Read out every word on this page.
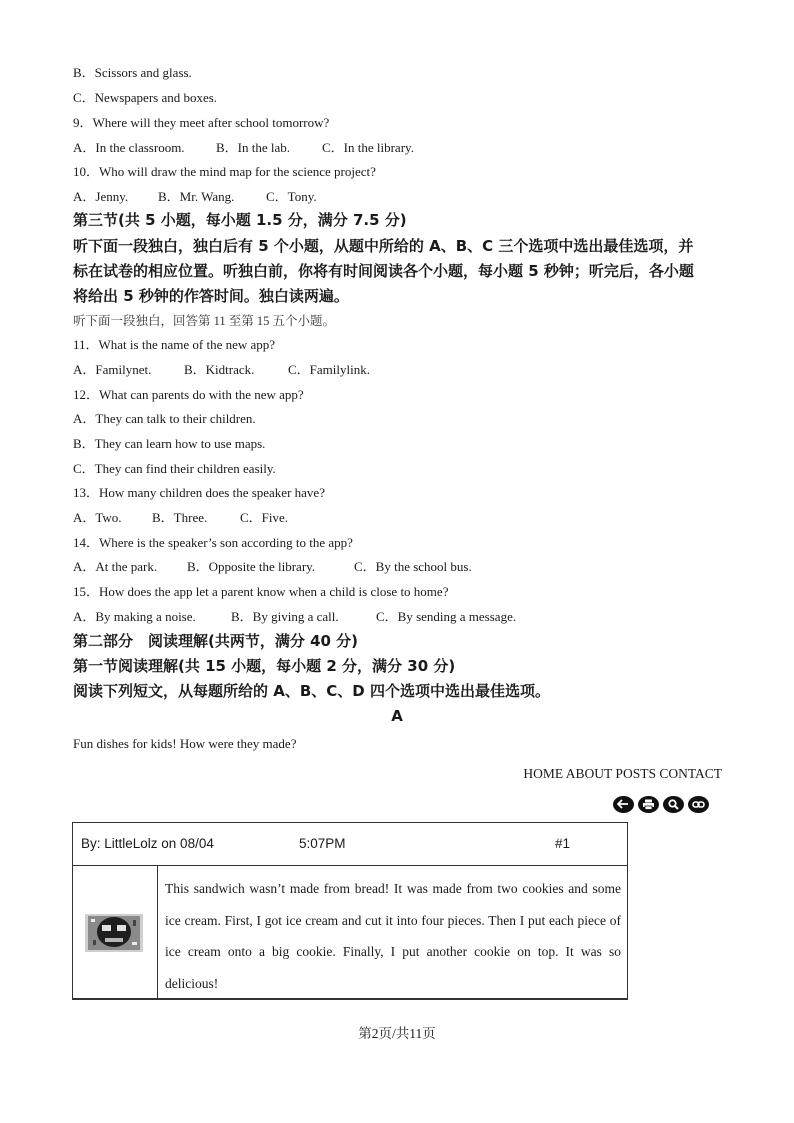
B．Scissors and glass.
C．Newspapers and boxes.
9．Where will they meet after school tomorrow?
A．In the classroom. B．In the lab. C．In the library.
10．Who will draw the mind map for the science project?
A．Jenny. B．Mr. Wang. C．Tony.
第三节(共 5 小题，每小题 1.5 分，满分 7.5 分)
听下面一段独白，独白后有 5 个小题，从题中所给的 A、B、C 三个选项中选出最佳选项，并
标在试卷的相应位置。听独白前，你将有时间阅读各个小题，每小题 5 秒钟；听完后，各小题
将给出 5 秒钟的作答时间。独白读两遍。
听下面一段独白，回答第 11 至第 15 五个小题。
11．What is the name of the new app?
A．Familynet.	B．Kidtrack.	C．Familylink.
12．What can parents do with the new app?
A．They can talk to their children.
B．They can learn how to use maps.
C．They can find their children easily.
13．How many children does the speaker have?
A．Two. B．Three.	C．Five.
14．Where is the speaker’s son according to the app?
A．At the park. B．Opposite the library.	C．By the school bus.
15．How does the app let a parent know when a child is close to home?
A．By making a noise.	B．By giving a call.	C．By sending a message.
第二部分　阅读理解(共两节，满分 40 分)
第一节阅读理解(共 15 小题，每小题 2 分，满分 30 分)
阅读下列短文，从每题所给的 A、B、C、D 四个选项中选出最佳选项。
A
Fun dishes for kids! How were they made?
HOME ABOUT POSTS CONTACT
By: LittleLolz on 08/04	5:07PM	#1
This sandwich wasn’t made from bread! It was made from two cookies and some ice cream. First, I got ice cream and cut it into four pieces. Then I put each piece of ice cream onto a big cookie. Finally, I put another cookie on top. It was so delicious!
第2页/共11页
